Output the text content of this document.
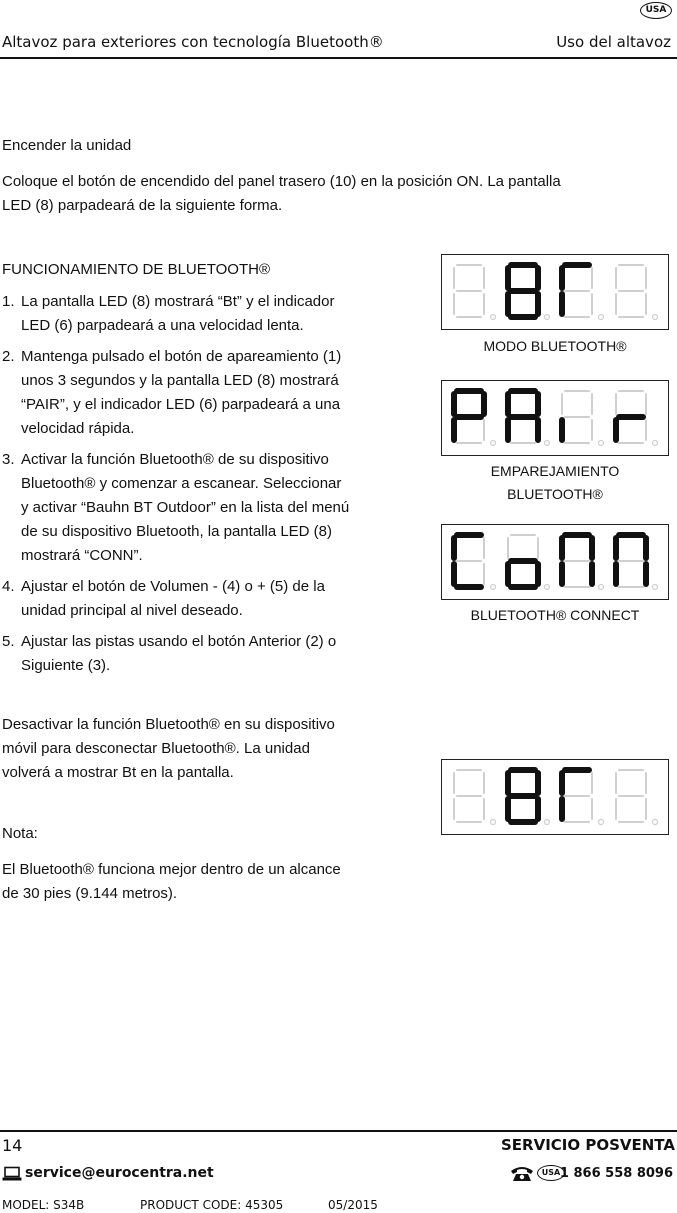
USA
Altavoz para exteriores con tecnología Bluetooth®	Uso del altavoz
Encender la unidad
Coloque el botón de encendido del panel trasero (10) en la posición ON. La pantalla
LED (8) parpadeará de la siguiente forma.
FUNCIONAMIENTO DE BLUETOOTH®
1. La pantalla LED (8) mostrará “Bt” y el indicador
LED (6) parpadeará a una velocidad lenta.
2. Mantenga pulsado el botón de apareamiento (1)
unos 3 segundos y la pantalla LED (8) mostrará
“PAIR”, y el indicador LED (6) parpadeará a una
velocidad rápida.
3. Activar la función Bluetooth® de su dispositivo
Bluetooth® y comenzar a escanear. Seleccionar
y activar “Bauhn BT Outdoor” en la lista del menú
de su dispositivo Bluetooth, la pantalla LED (8)
mostrará “CONN”.
4. Ajustar el botón de Volumen - (4) o + (5) de la
unidad principal al nivel deseado.
5. Ajustar las pistas usando el botón Anterior (2) o
Siguiente (3).
MODO BLUETOOTH®
EMPAREJAMIENTO
BLUETOOTH®
BLUETOOTH® CONNECT
Desactivar la función Bluetooth® en su dispositivo
móvil para desconectar Bluetooth®. La unidad
volverá a mostrar Bt en la pantalla.
Nota:
El Bluetooth® funciona mejor dentro de un alcance
de 30 pies (9.144 metros).
14	SERVICIO POSVENTA
service@eurocentra.net	USA 1 866 558 8096
MODEL: S34B	PRODUCT CODE: 45305	05/2015
